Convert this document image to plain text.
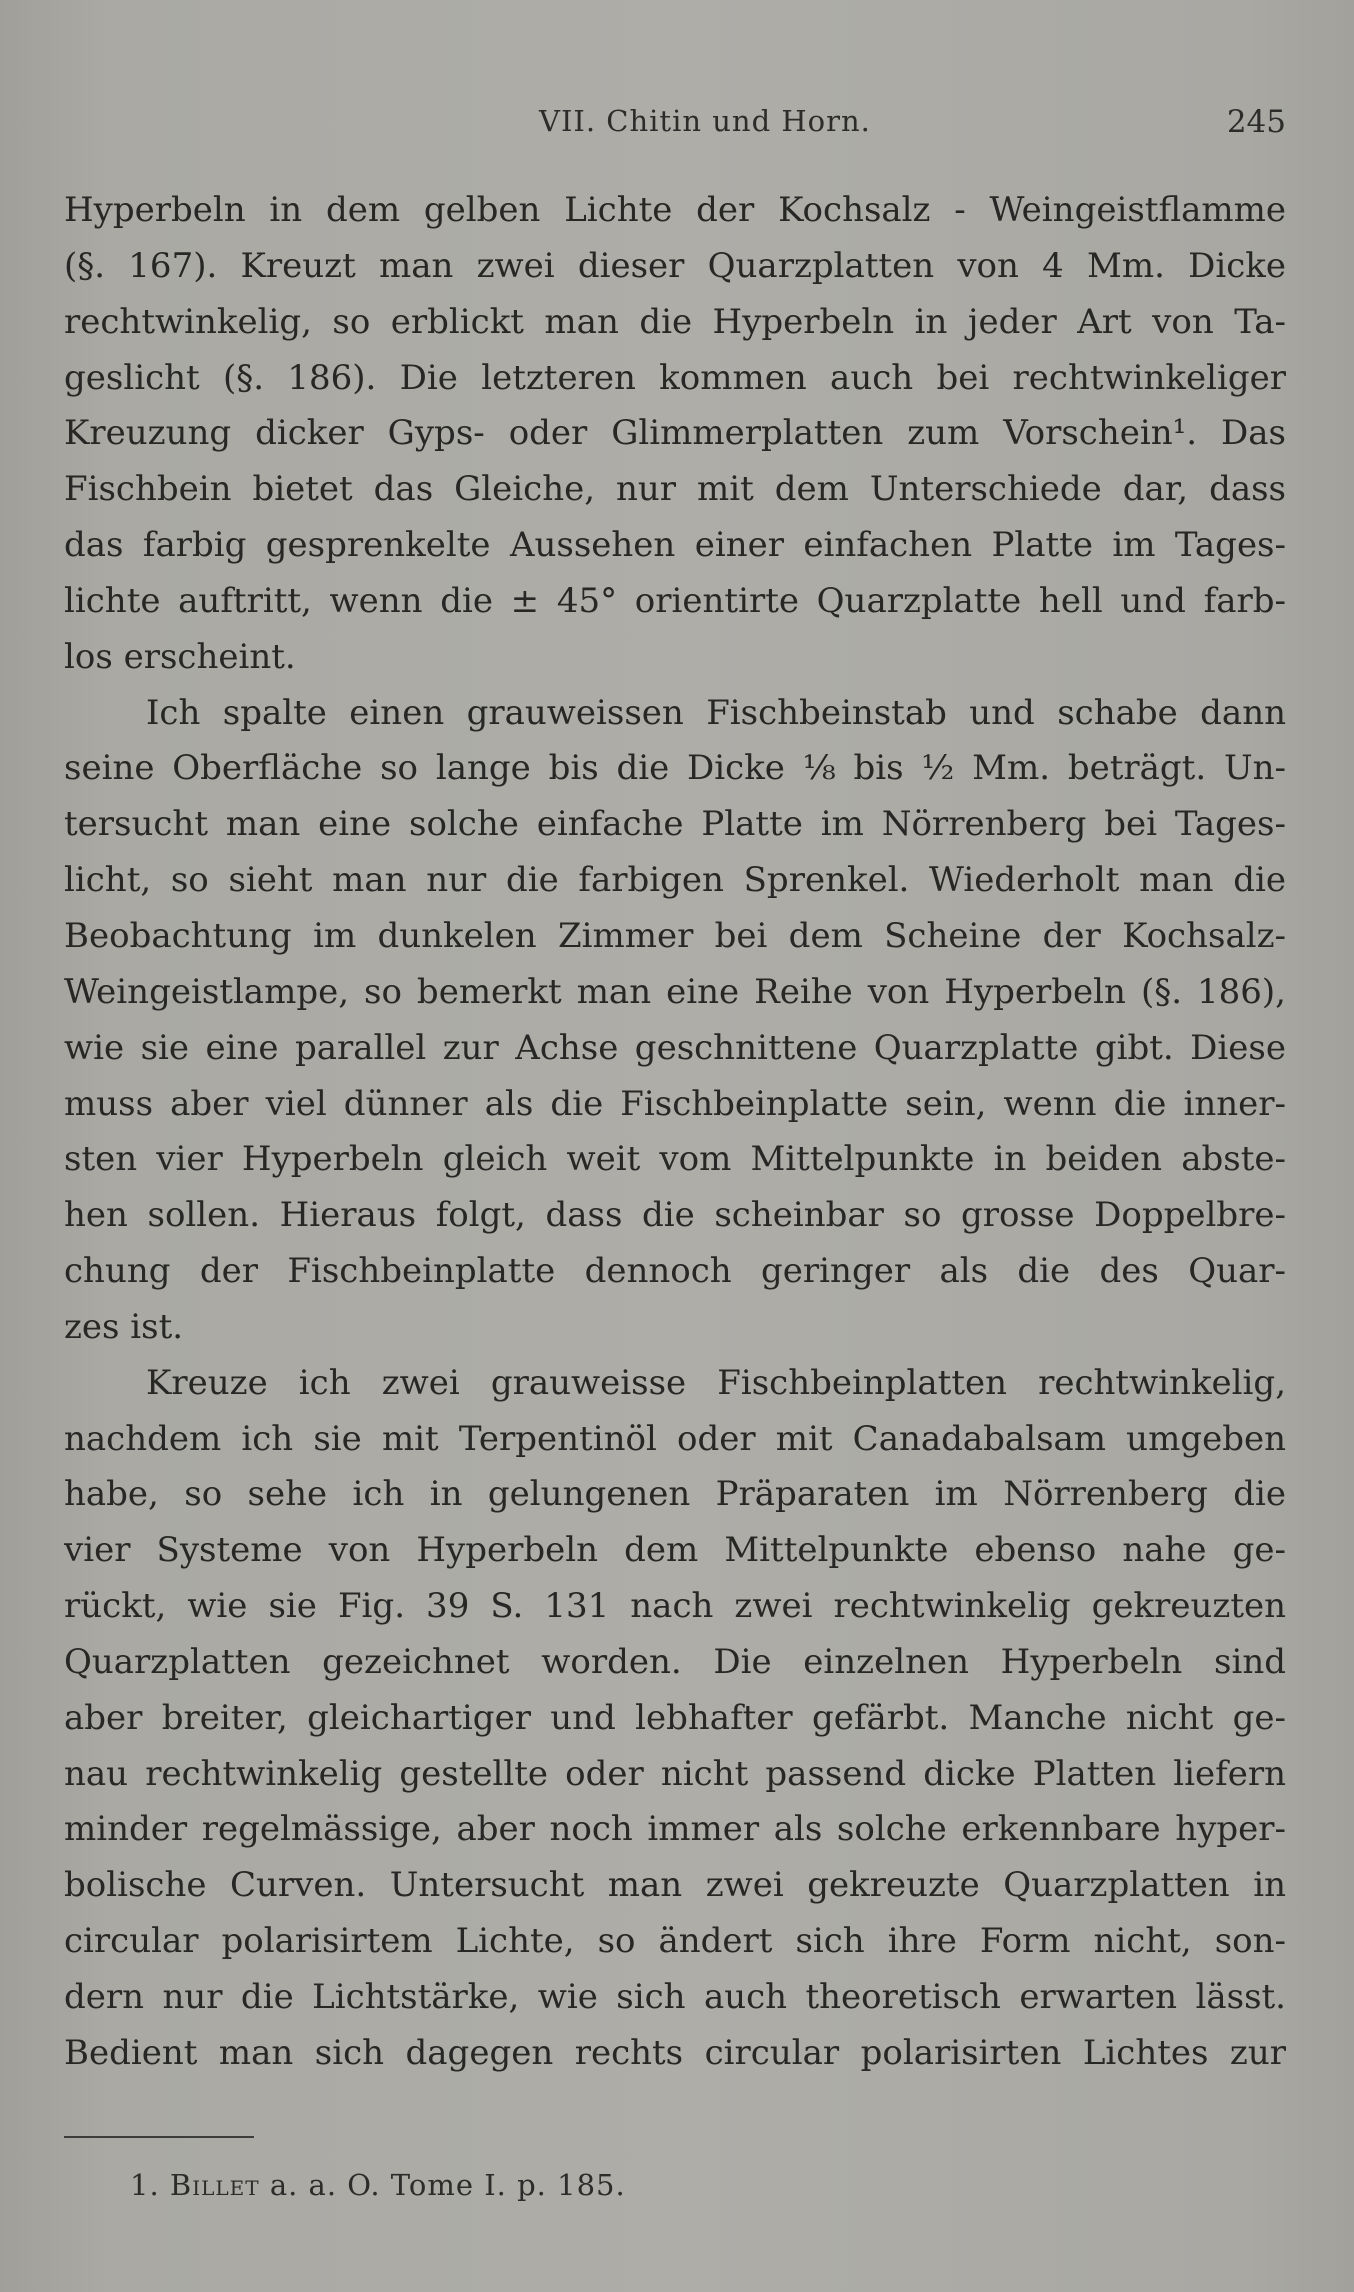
VII. Chitin und Horn.	245
Hyperbeln in dem gelben Lichte der Kochsalz - Weingeistflamme
(§. 167). Kreuzt man zwei dieser Quarzplatten von 4 Mm. Dicke
rechtwinkelig, so erblickt man die Hyperbeln in jeder Art von Ta-
geslicht (§. 186). Die letzteren kommen auch bei rechtwinkeliger
Kreuzung dicker Gyps- oder Glimmerplatten zum Vorschein¹. Das
Fischbein bietet das Gleiche, nur mit dem Unterschiede dar, dass
das farbig gesprenkelte Aussehen einer einfachen Platte im Tages-
lichte auftritt, wenn die ± 45° orientirte Quarzplatte hell und farb-
los erscheint.
Ich spalte einen grauweissen Fischbeinstab und schabe dann
seine Oberfläche so lange bis die Dicke ⅛ bis ½ Mm. beträgt. Un-
tersucht man eine solche einfache Platte im Nörrenberg bei Tages-
licht, so sieht man nur die farbigen Sprenkel. Wiederholt man die
Beobachtung im dunkelen Zimmer bei dem Scheine der Kochsalz-
Weingeistlampe, so bemerkt man eine Reihe von Hyperbeln (§. 186),
wie sie eine parallel zur Achse geschnittene Quarzplatte gibt. Diese
muss aber viel dünner als die Fischbeinplatte sein, wenn die inner-
sten vier Hyperbeln gleich weit vom Mittelpunkte in beiden abste-
hen sollen. Hieraus folgt, dass die scheinbar so grosse Doppelbre-
chung der Fischbeinplatte dennoch geringer als die des Quar-
zes ist.
Kreuze ich zwei grauweisse Fischbeinplatten rechtwinkelig,
nachdem ich sie mit Terpentinöl oder mit Canadabalsam umgeben
habe, so sehe ich in gelungenen Präparaten im Nörrenberg die
vier Systeme von Hyperbeln dem Mittelpunkte ebenso nahe ge-
rückt, wie sie Fig. 39 S. 131 nach zwei rechtwinkelig gekreuzten
Quarzplatten gezeichnet worden. Die einzelnen Hyperbeln sind
aber breiter, gleichartiger und lebhafter gefärbt. Manche nicht ge-
nau rechtwinkelig gestellte oder nicht passend dicke Platten liefern
minder regelmässige, aber noch immer als solche erkennbare hyper-
bolische Curven. Untersucht man zwei gekreuzte Quarzplatten in
circular polarisirtem Lichte, so ändert sich ihre Form nicht, son-
dern nur die Lichtstärke, wie sich auch theoretisch erwarten lässt.
Bedient man sich dagegen rechts circular polarisirten Lichtes zur
1. Billet a. a. O. Tome I. p. 185.
